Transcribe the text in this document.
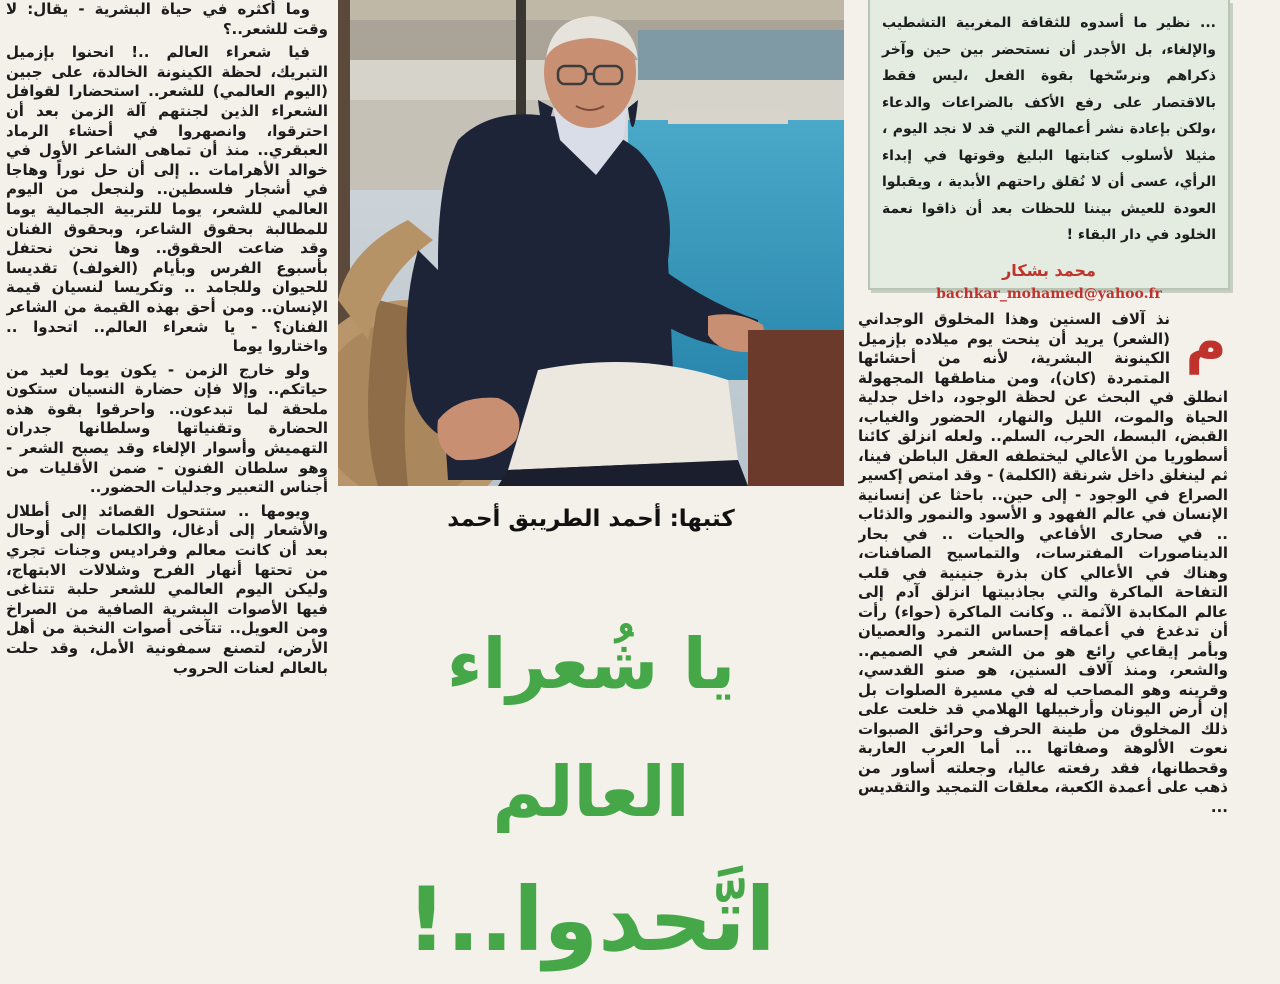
وما أكثره في حياة البشرية - يقال: لا وقت للشعر..؟

فيا شعراء العالم ..! انحنوا بإزميل التبريك، لحظة الكينونة الخالدة، على جبين (اليوم العالمي) للشعر.. استحضارا لقوافل الشعراء الذين لجنتهم آلة الزمن بعد أن احترقوا، وانصهروا في أحشاء الرماد العبقري.. منذ أن تماهى الشاعر الأول في خوالد الأهرامات .. إلى أن حل نوراً وهاجا في أشجار فلسطين.. ولنجعل من اليوم العالمي للشعر، يوما للتربية الجمالية يوما للمطالبة بحقوق الشاعر، وبحقوق الفنان وقد ضاعت الحقوق.. وها نحن نحتفل بأسبوع الفرس وبأيام (الغولف) تقديسا للحيوان وللجامد .. وتكريسا لنسيان قيمة الإنسان.. ومن أحق بهذه القيمة من الشاعر الفنان؟ - يا شعراء العالم.. اتحدوا .. واختاروا يوما

ولو خارج الزمن - يكون يوما لعيد من حياتكم.. وإلا فإن حضارة النسيان ستكون ملحقة لما تبدعون.. واحرقوا بقوة هذه الحضارة وتقنياتها وسلطانها جدران التهميش وأسوار الإلغاء وقد يصبح الشعر - وهو سلطان الفنون - ضمن الأقليات من أجناس التعبير وجدليات الحضور..

ويومها .. ستتحول القصائد إلى أطلال والأشعار إلى أدغال، والكلمات إلى أوحال بعد أن كانت معالم وفراديس وجنات تجري من تحتها أنهار الفرح وشلالات الابتهاج، وليكن اليوم العالمي للشعر حلبة تتناغى فيها الأصوات البشرية الصافية من الصراخ ومن العويل.. تتآخى أصوات النخبة من أهل الأرض، لتصنع سمفونية الأمل، وقد حلت بالعالم لعنات الحروب

كتبها: أحمد الطريبق أحمد
يا شُعراء العالم
اتَّحدوا..!
... نظير ما أسدوه للثقافة المغربية التشطيب والإلغاء، بل الأجدر أن نستحضر بين حين وآخر ذكراهم ونرسّخها بقوة الفعل ،ليس فقط بالاقتصار على رفع الأكف بالضراعات والدعاء ،ولكن بإعادة نشر أعمالهم التي قد لا نجد اليوم ، مثيلا لأسلوب كتابتها البليغ وقوتها في إبداء الرأي، عسى أن لا نُقلق راحتهم الأبدية ، ويقبلوا العودة للعيش بيننا للحظات بعد أن ذاقوا نعمة الخلود في دار البقاء !
محمد بشكار
bachkar_mohamed@yahoo.fr
م
نذ آلاف السنين وهذا المخلوق الوجداني (الشعر) يريد أن ينحت يوم ميلاده بإزميل الكينونة البشرية، لأنه من أحشائها المتمردة (كان)، ومن مناطقها المجهولة انطلق في البحث عن لحظة الوجود، داخل جدلية الحياة والموت، الليل والنهار، الحضور والغياب، القبض، البسط، الحرب، السلم.. ولعله انزلق كائنا أسطوريا من الأعالي ليختطفه العقل الباطن فينا، ثم لينغلق داخل شرنقة (الكلمة) - وقد امتص إكسير الصراع في الوجود - إلى حين.. باحثا عن إنسانية الإنسان في عالم الفهود و الأسود والنمور والذئاب .. في صحارى الأفاعي والحيات .. في بحار الديناصورات المفترسات، والتماسيح الصافنات، وهناك في الأعالي كان بذرة جنينية في قلب التفاحة الماكرة والتي بجاذبيتها انزلق آدم إلى عالم المكابدة الآثمة .. وكانت الماكرة (حواء) رأت أن تدغدغ في أعماقه إحساس التمرد والعصيان وبأمر إيقاعي رائع هو من الشعر في الصميم.. والشعر، ومنذ آلاف السنين، هو صنو القدسي، وقرينه وهو المصاحب له في مسيرة الصلوات بل إن أرض اليونان وأرخبيلها الهلامي قد خلعت على ذلك المخلوق من طينة الحرف وحرائق الصبوات نعوت الألوهة وصفاتها ... أما العرب العاربة وقحطانها، فقد رفعته عاليا، وجعلته أساور من ذهب على أعمدة الكعبة، معلقات التمجيد والتقديس ...
